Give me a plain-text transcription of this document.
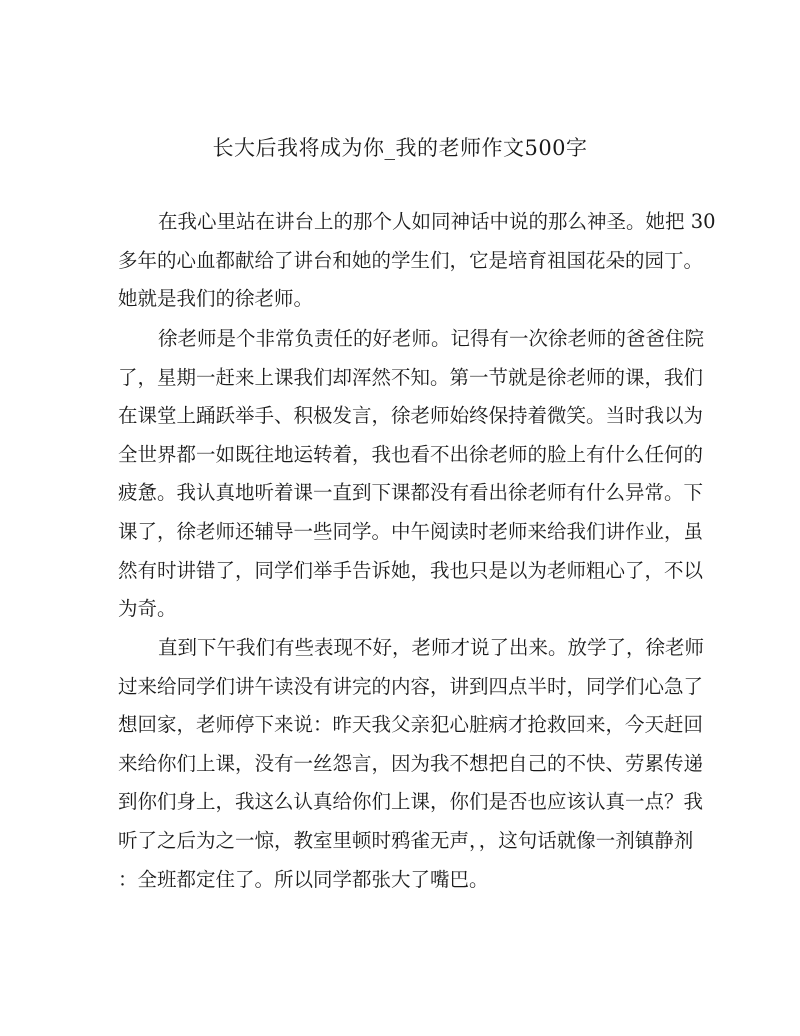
长大后我将成为你_我的老师作文500字
在我心里站在讲台上的那个人如同神话中说的那么神圣。她把 30
多年的心血都献给了讲台和她的学生们，它是培育祖国花朵的园丁。
她就是我们的徐老师。
徐老师是个非常负责任的好老师。记得有一次徐老师的爸爸住院
了，星期一赶来上课我们却浑然不知。第一节就是徐老师的课，我们
在课堂上踊跃举手、积极发言，徐老师始终保持着微笑。当时我以为
全世界都一如既往地运转着，我也看不出徐老师的脸上有什么任何的
疲惫。我认真地听着课一直到下课都没有看出徐老师有什么异常。下
课了，徐老师还辅导一些同学。中午阅读时老师来给我们讲作业，虽
然有时讲错了，同学们举手告诉她，我也只是以为老师粗心了，不以
为奇。
直到下午我们有些表现不好，老师才说了出来。放学了，徐老师
过来给同学们讲午读没有讲完的内容，讲到四点半时，同学们心急了
想回家，老师停下来说：昨天我父亲犯心脏病才抢救回来，今天赶回
来给你们上课，没有一丝怨言，因为我不想把自己的不快、劳累传递
到你们身上，我这么认真给你们上课，你们是否也应该认真一点？我
听了之后为之一惊，教室里顿时鸦雀无声，，这句话就像一剂镇静剂
：全班都定住了。所以同学都张大了嘴巴。
